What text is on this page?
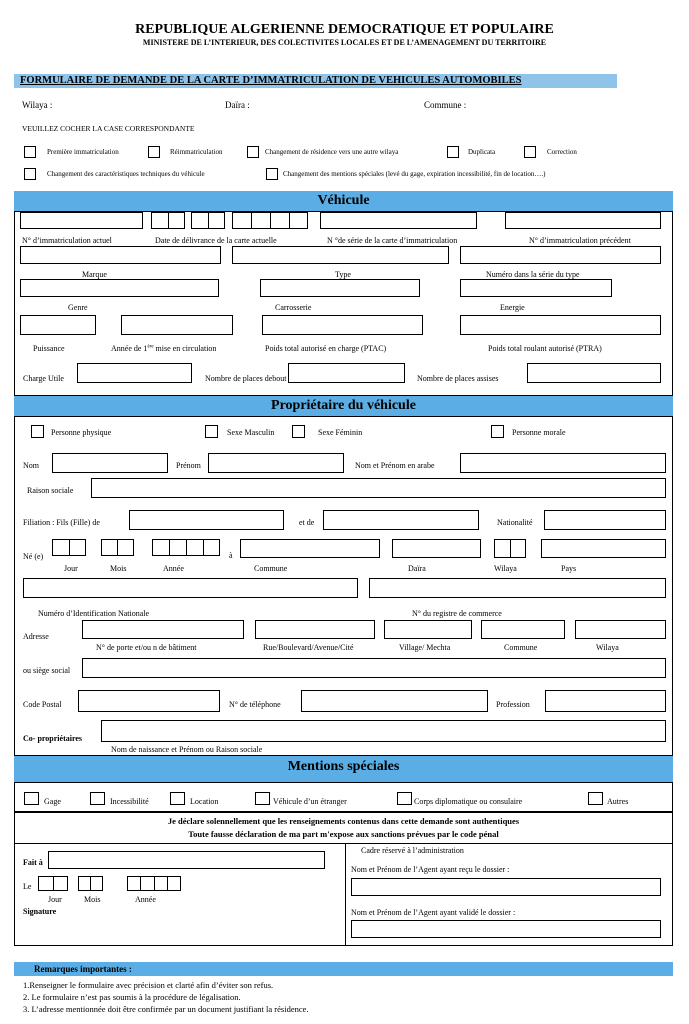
REPUBLIQUE ALGERIENNE DEMOCRATIQUE ET POPULAIRE
MINISTERE DE L’INTERIEUR, DES COLECTIVITES LOCALES ET DE L’AMENAGEMENT DU TERRITOIRE
FORMULAIRE DE DEMANDE DE LA CARTE D’IMMATRICULATION DE VEHICULES AUTOMOBILES
Wilaya :	Daïra :	Commune :
VEUILLEZ COCHER LA CASE CORRESPONDANTE
Première immatriculation	Réimmatriculation	Changement de résidence vers une autre wilaya	Duplicata	Correction
Changement des caractéristiques techniques du véhicule	Changement des mentions spéciales (levé du gage, expiration incessibilité, fin de location….)
Véhicule
N° d’immatriculation actuel	Date de délivrance de la carte actuelle	N °de série de la carte d’immatriculation	N° d’immatriculation précédent
Marque	Type	Numéro dans la série du type
Genre	Carrosserie	Energie
Puissance	Année de 1ère mise en circulation	Poids total autorisé en charge (PTAC)	Poids total roulant autorisé (PTRA)
Charge Utile	Nombre de places debout	Nombre de places assises
Propriétaire du véhicule
Personne physique	Sexe Masculin	Sexe Féminin	Personne morale
Nom	Prénom	Nom et Prénom en arabe
Raison sociale
Filiation : Fils (Fille) de	et de	Nationalité
Né (e)	à
Jour	Mois	Année	Commune	Daïra	Wilaya	Pays
Numéro d’Identification Nationale	N° du registre de commerce
Adresse
N° de porte et/ou n de bâtiment	Rue/Boulevard/Avenue/Cité	Village/ Mechta	Commune	Wilaya
ou siège social
Code Postal	N° de téléphone	Profession
Co- propriétaires
Nom de naissance et Prénom ou Raison sociale
Mentions spéciales
Gage	Incessibilité	Location	Véhicule d’un étranger	Corps diplomatique ou consulaire	Autres
Je déclare solennellement que les renseignements contenus dans cette demande sont authentiques
Toute fausse déclaration de ma part m'expose aux sanctions prévues par le code pénal
Fait à
Le
Jour	Mois	Année
Signature
Cadre réservé à l’administration
Nom et Prénom de l’Agent ayant reçu le dossier :
Nom et Prénom de l’Agent ayant validé le dossier :
Remarques importantes :
1.Renseigner le formulaire avec précision et clarté afin d’éviter son refus.
2. Le formulaire n’est pas soumis à la procédure de légalisation.
3. L’adresse mentionnée doit être confirmée par un document justifiant la résidence.
